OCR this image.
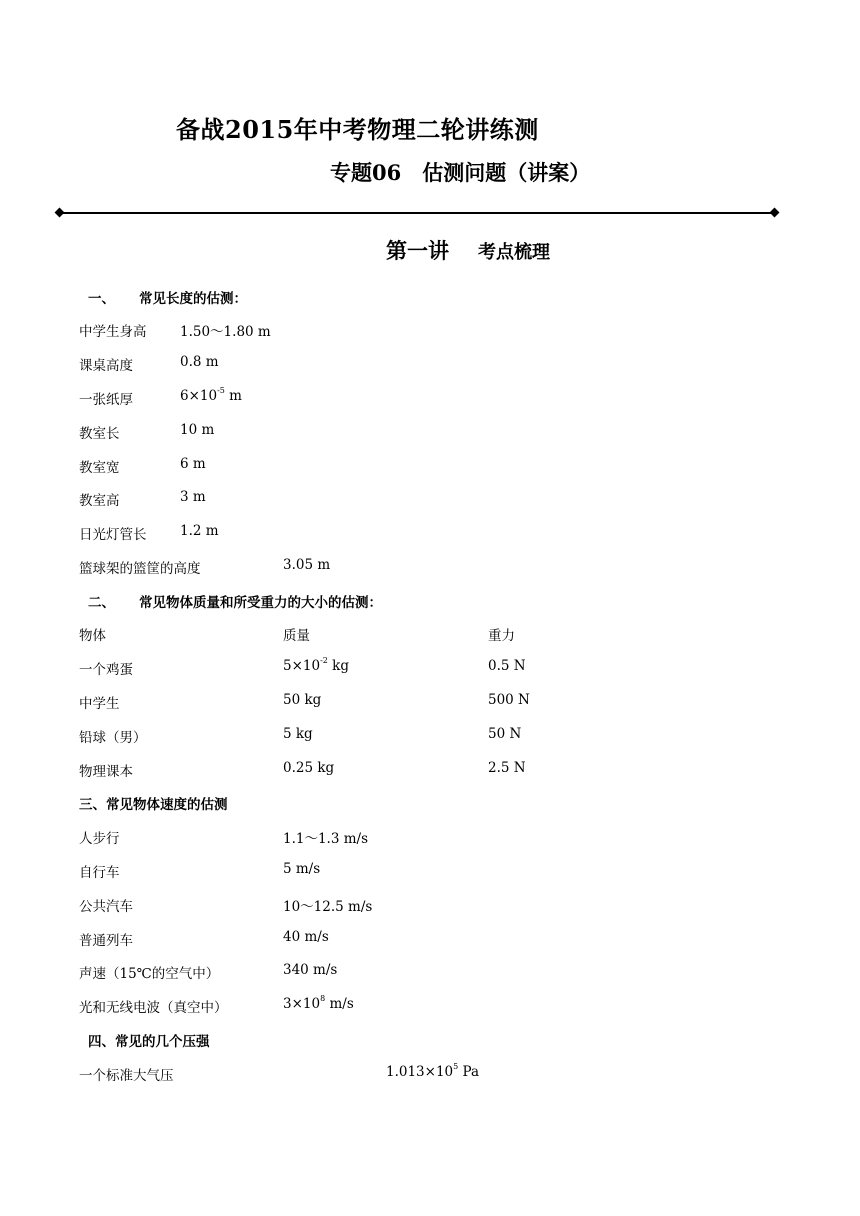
备战2015年中考物理二轮讲练测
专题06　估测问题（讲案）
第一讲 考点梳理
一、 常见长度的估测：
中学生身高 1.50～1.80 m
课桌高度	0.8 m
一张纸厚	$6\times 10^{-5}$ m
教室长	10 m
教室宽	6 m
教室高	3 m
日光灯管长 1.2 m
篮球架的篮筐的高度	3.05 m
二、 常见物体质量和所受重力的大小的估测：
物体	质量	重力
一个鸡蛋	$5\times 10^{-2}$ kg	0.5 N
中学生	50 kg	500 N
铅球（男）	5 kg	50 N
物理课本	0.25 kg	2.5 N
三、常见物体速度的估测
人步行	1.1～1.3 m/s
自行车	5 m/s
公共汽车	10～12.5 m/s
普通列车	40 m/s
声速（15℃的空气中）	340 m/s
光和无线电波（真空中）	$3\times 10^8$ m/s
四、常见的几个压强
一个标准大气压	$1.013\times 10^5$ Pa
